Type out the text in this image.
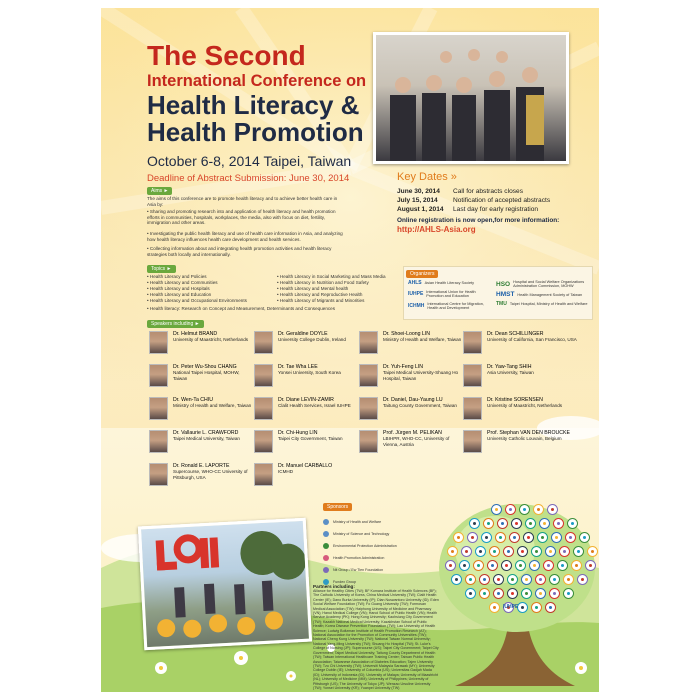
The Second
International Conference on
Health Literacy &
Health Promotion
October 6-8, 2014 Taipei, Taiwan
Deadline of Abstract Submission: June 30, 2014
Aims ►
The aims of this conference are to promote health literacy and to achieve better health care in Asia by:
• Sharing and promoting research into and application of health literacy and health promotion efforts in communities, hospitals, workplaces, the media, also with focus on diet, fertility, immigration and other areas.
• Investigating the public health literacy and use of health care information in Asia, and analyzing how health literacy influences health care development and health services.
• Collecting information about and integrating health promotion activities and health literacy strategies both locally and internationally.
Key Dates »
June 30, 2014	Call for abstracts closes
July 15, 2014	Notification of accepted abstracts
August 1, 2014	Last day for early registration
Online registration is now open,for more information:
http://AHLS-Asia.org
Topics ►
• Health Literacy and Policies
• Health Literacy and Communities
• Health Literacy and Hospitals
• Health Literacy and Education
• Health Literacy and Occupational Environments
• Health literacy: Research on Concept and Measurement, Determinants and Consequences
• Health Literacy in Social Marketing and Mass Media
• Health Literacy in Nutrition and Food Safety
• Health Literacy and Mental health
• Health Literacy and Reproductive Health
• Health Literacy of Migrants and Minorities
Organizers
AHLS Asian Health Literacy Society
IUHPE International Union for Health Promotion and Education
ICHMH International Centre for Migration, Health and Development
HSO Hospital and Social Welfare Organizations Administration Commission, MOHW
HMST Health Management Society of Taiwan
TMU Taipei Hospital, Ministry of Health and Welfare
Speakers including ►
Dr. Helmut BRAND
University of Maastricht, Netherlands
Dr. Peter Wu-Shou CHANG
National Taipei Hospital, MOHW, Taiwan
Dr. Wen-Ta CHIU
Ministry of Health and Welfare, Taiwan
Dr. Vallaurie L. CRAWFORD
Taipei Medical University, Taiwan
Dr. Ronald E. LAPORTE
Supercourse, WHO-CC University of Pittsburgh, USA
Dr. Geraldine DOYLE
University College Dublin, Ireland
Dr. Tae Wha LEE
Yonsei University, South Korea
Dr. Diane LEVIN-ZAMIR
Clalit Health Services, Israel IUHPE
Dr. Chi-Hung LIN
Taipei City Government, Taiwan
Dr. Manuel CARBALLO
ICMHD
Dr. Shoei-Loong LIN
Ministry of Health and Welfare, Taiwan
Dr. Yuh-Feng LIN
Taipei Medical University-Shuang Ho Hospital, Taiwan
Dr. Daniel, Dau-Yaung LU
Taitung County Government, Taiwan
Prof. Jürgen M. PELIKAN
LBIHPR, WHO-CC, University of Vienna, Austria
Dr. Dean SCHILLINGER
University of California, San Francisco, USA
Dr. Yaw-Tang SHIH
Asia University, Taiwan
Dr. Kristine SORENSEN
University of Maastricht, Netherlands
Prof. Stephan VAN DEN BROUCKE
University Catholic Louvain, Belgium
Sponsors
Ministry of Health and Welfare
Ministry of Science and Technology
Environmental Protection Administration
Health Promotion Administration
Nit Group / Ew Tien Foundation
Fundex Group
Partners including:
Alliance for Healthy Cities (TW); BF Kumara Institute of Health Sciences (BF); The Catholic University of Korea, China Medical University (TW); Clalit Health Center (IE); Dano Burka University (IP); Dian Nuswantoro University (ID); Eden Social Welfare Foundation (TW); Fo Guang University (TW); Formosan Medical Association (TW); Haiphong University of Medicine and Pharmacy (VN); Hanoi Medical College (VN); Hanoi School of Public Health (VN); Health Service Academy (PK); Hong Kong University; Kaohsiung City Government (TW); Kazakh National Medical University; Kazakhstan School of Public Health; Korea Disease Prevention Foundation (TW); Lao University of Health Science; Ludwig Boltzman Institute of Health Promotion Research (AT); National Association for the Promotion of Community Universities (TW); National Cheng Kung University (TW); National Taiwan Normal University; National Yang-Ming University (TW); Shuang Ho Hospital (TW); St. Luke's College of Nursing (JP); Supercourse (US); Taipei City Government; Taipei City Government; Taipei Medical University; Taitung County Department of Health (TW); Taiwan International Healthcare Training Center; Taiwan Public Health Association; Taiwanese Association of Diabetes Education; Tajen University (TW); Tzu Chi University (TW); Universiti Malaysia Sarawak (MY); University College Dublin (IE); University of Columbia (US); Universitas Gadjah Mada (ID); University of Indonesia (ID); University of Malaya; University of Maastricht (NL); University of Medicine (MM); University of Philippines; University of Pittsburgh (US); The University of Tokyo (JP); Wenzao Ursuline University (TW); Yonsei University (KR); Yuanpei University (TW)
IUHPE
